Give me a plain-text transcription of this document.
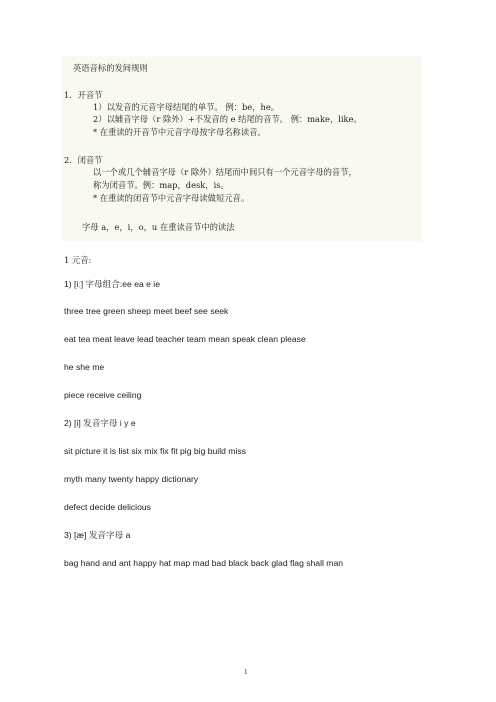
英语音标的发间规则
1．开音节
1）以发音的元音字母结尾的单节。 例：be，he。
2）以辅音字母（r 除外）+不发音的 e 结尾的音节。 例：make，like。
* 在重读的开音节中元音字母按字母名称读音。
2．闭音节
以一个或几个辅音字母（r 除外）结尾而中间只有一个元音字母的音节，
称为闭音节。例：map，desk，is。
* 在重读的闭音节中元音字母读做短元音。
字母 a，e，i，o，u 在重读音节中的读法
1 元音:
1) [iː] 字母组合:ee ea e ie
three tree green sheep meet beef see seek
eat tea meat leave lead teacher team mean speak clean please
he she me
piece receive ceiling
2) [i] 发音字母 i y e
sit picture it is list six mix fix fit pig big build miss
myth many twenty happy dictionary
defect decide delicious
3) [æ] 发音字母 a
bag hand and ant happy hat map mad bad black back glad flag shall man
1
